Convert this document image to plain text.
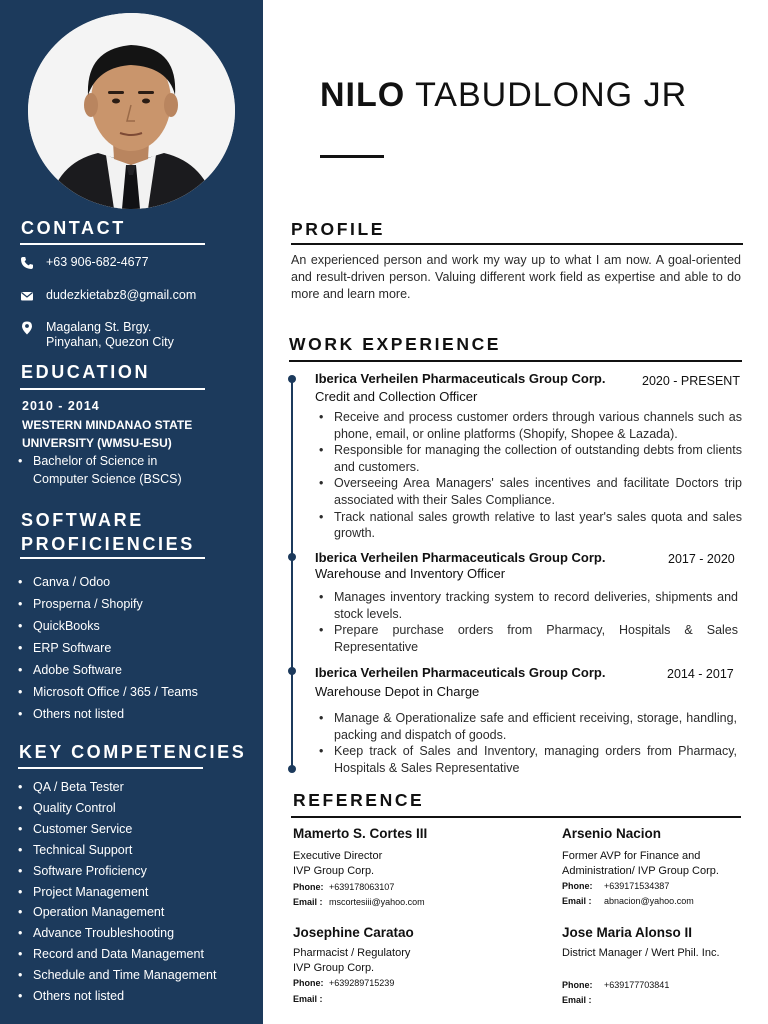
CONTACT
+63 906-682-4677
dudezkietabz8@gmail.com
Magalang St. Brgy.
Pinyahan, Quezon City
EDUCATION
2010 - 2014
WESTERN MINDANAO STATE UNIVERSITY (WMSU-ESU)
• Bachelor of Science in
Computer Science (BSCS)
SOFTWARE
PROFICIENCIES
• Canva / Odoo
• Prosperna / Shopify
• QuickBooks
• ERP Software
• Adobe Software
• Microsoft Office / 365 / Teams
• Others not listed
KEY COMPETENCIES
• QA / Beta Tester
• Quality Control
• Customer Service
• Technical Support
• Software Proficiency
• Project Management
• Operation Management
• Advance Troubleshooting
• Record and Data Management
• Schedule and Time Management
• Others not listed
NILO TABUDLONG JR
PROFILE
An experienced person and work my way up to what I am now. A goal-oriented and result-driven person. Valuing different work field as expertise and able to do more and learn more.
WORK EXPERIENCE
Iberica Verheilen Pharmaceuticals Group Corp.	2020 - PRESENT
Credit and Collection Officer
• Receive and process customer orders through various channels such as phone, email, or online platforms (Shopify, Shopee & Lazada).
• Responsible for managing the collection of outstanding debts from clients and customers.
• Overseeing Area Managers' sales incentives and facilitate Doctors trip associated with their Sales Compliance.
• Track national sales growth relative to last year's sales quota and sales growth.
Iberica Verheilen Pharmaceuticals Group Corp.	2017 - 2020
Warehouse and Inventory Officer
• Manages inventory tracking system to record deliveries, shipments and stock levels.
• Prepare purchase orders from Pharmacy, Hospitals & Sales Representative
Iberica Verheilen Pharmaceuticals Group Corp.	2014 - 2017
Warehouse Depot in Charge
• Manage & Operationalize safe and efficient receiving, storage, handling, packing and dispatch of goods.
• Keep track of Sales and Inventory, managing orders from Pharmacy, Hospitals & Sales Representative
REFERENCE
Mamerto S. Cortes III
Executive Director
IVP Group Corp.
Phone: +639178063107
Email : mscortesiii@yahoo.com
Arsenio Nacion
Former AVP for Finance and
Administration/ IVP Group Corp.
Phone: +639171534387
Email : abnacion@yahoo.com
Josephine Caratao
Pharmacist / Regulatory
IVP Group Corp.
Phone: +639289715239
Email :
Jose Maria Alonso II
District Manager / Wert Phil. Inc.
Phone: +639177703841
Email :
